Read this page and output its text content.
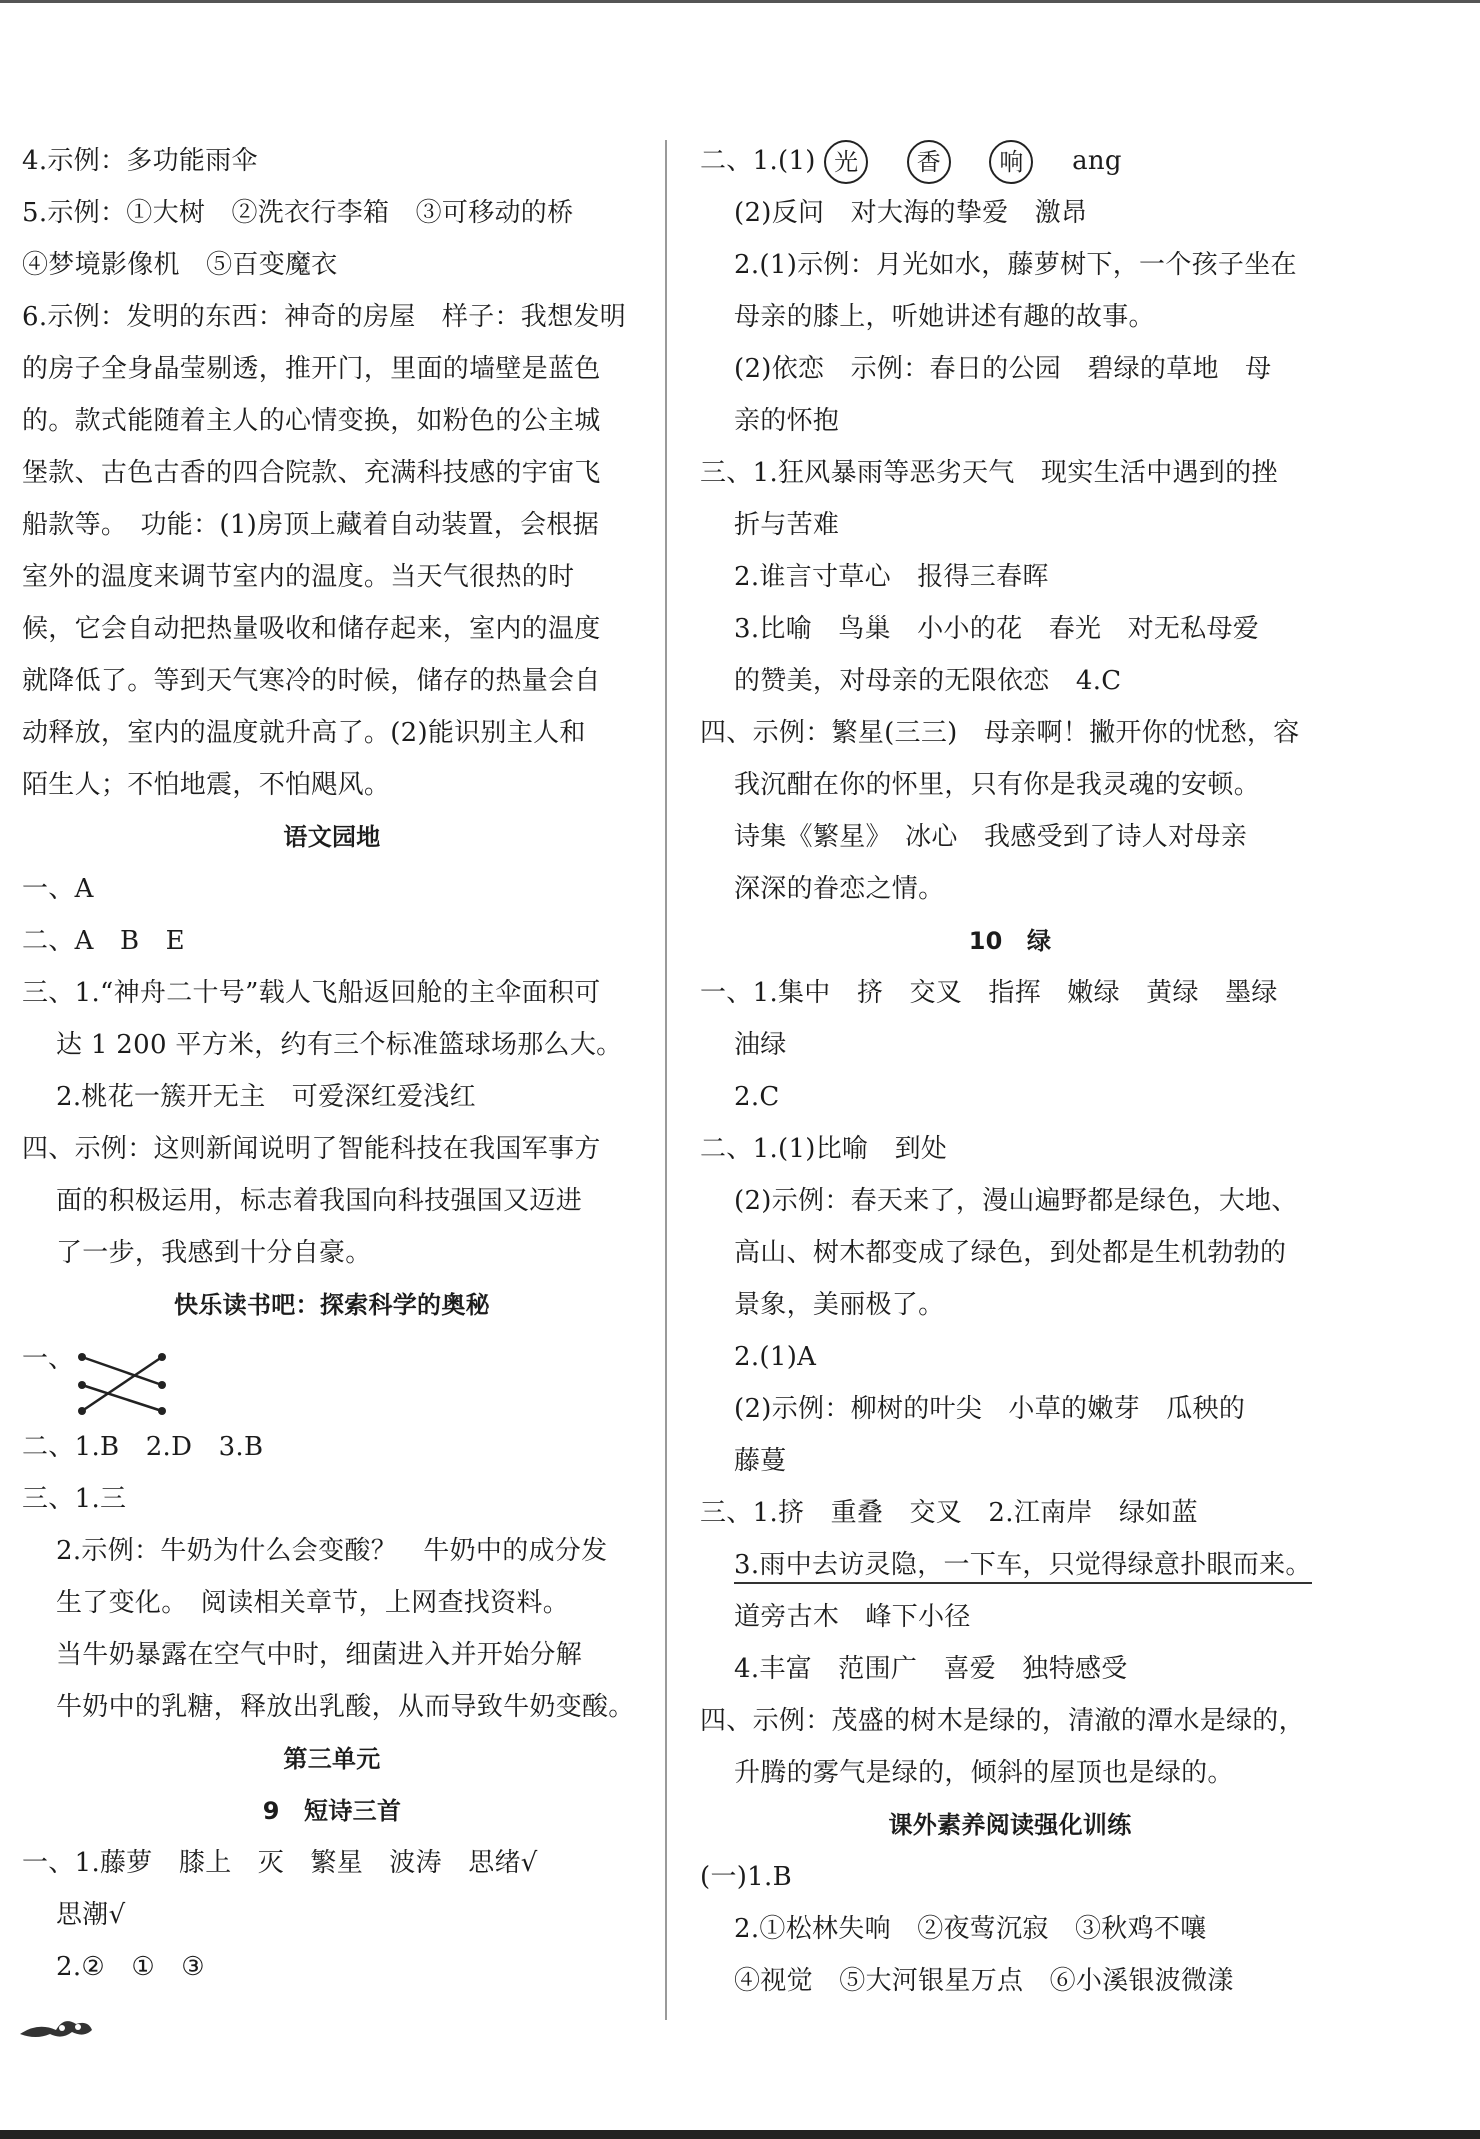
4.示例：多功能雨伞
5.示例：①大树　②洗衣行李箱　③可移动的桥
④梦境影像机　⑤百变魔衣
6.示例：发明的东西：神奇的房屋　样子：我想发明
的房子全身晶莹剔透，推开门，里面的墙壁是蓝色
的。款式能随着主人的心情变换，如粉色的公主城
堡款、古色古香的四合院款、充满科技感的宇宙飞
船款等。　功能：(1)房顶上藏着自动装置，会根据
室外的温度来调节室内的温度。当天气很热的时
候，它会自动把热量吸收和储存起来，室内的温度
就降低了。等到天气寒冷的时候，储存的热量会自
动释放，室内的温度就升高了。(2)能识别主人和
陌生人；不怕地震，不怕飓风。
语文园地
一、A
二、A　B　E
三、1.“神舟二十号”载人飞船返回舱的主伞面积可
达 1 200 平方米，约有三个标准篮球场那么大。
2.桃花一簇开无主　可爱深红爱浅红
四、示例：这则新闻说明了智能科技在我国军事方
面的积极运用，标志着我国向科技强国又迈进
了一步，我感到十分自豪。
快乐读书吧：探索科学的奥秘
一、
二、1.B　2.D　3.B
三、1.三
2.示例：牛奶为什么会变酸？　牛奶中的成分发
生了变化。　阅读相关章节，上网查找资料。
当牛奶暴露在空气中时，细菌进入并开始分解
牛奶中的乳糖，释放出乳酸，从而导致牛奶变酸。
第三单元
9　短诗三首
一、1.藤萝　膝上　灭　繁星　波涛　思绪√
思潮√
2.②　①　③
二、1.(1) 光 香 响 ang
(2)反问　对大海的挚爱　激昂
2.(1)示例：月光如水，藤萝树下，一个孩子坐在
母亲的膝上，听她讲述有趣的故事。
(2)依恋　示例：春日的公园　碧绿的草地　母
亲的怀抱
三、1.狂风暴雨等恶劣天气　现实生活中遇到的挫
折与苦难
2.谁言寸草心　报得三春晖
3.比喻　鸟巢　小小的花　春光　对无私母爱
的赞美，对母亲的无限依恋　4.C
四、示例：繁星(三三)　母亲啊！撇开你的忧愁，容
我沉酣在你的怀里，只有你是我灵魂的安顿。
诗集《繁星》　冰心　我感受到了诗人对母亲
深深的眷恋之情。
10　绿
一、1.集中　挤　交叉　指挥　嫩绿　黄绿　墨绿
油绿
2.C
二、1.(1)比喻　到处
(2)示例：春天来了，漫山遍野都是绿色，大地、
高山、树木都变成了绿色，到处都是生机勃勃的
景象，美丽极了。
2.(1)A
(2)示例：柳树的叶尖　小草的嫩芽　瓜秧的
藤蔓
三、1.挤　重叠　交叉　2.江南岸　绿如蓝
3.雨中去访灵隐，一下车，只觉得绿意扑眼而来。
道旁古木　峰下小径
4.丰富　范围广　喜爱　独特感受
四、示例：茂盛的树木是绿的，清澈的潭水是绿的，
升腾的雾气是绿的，倾斜的屋顶也是绿的。
课外素养阅读强化训练
(一)1.B
2.①松林失响　②夜莺沉寂　③秋鸡不嚷
④视觉　⑤大河银星万点　⑥小溪银波微漾
